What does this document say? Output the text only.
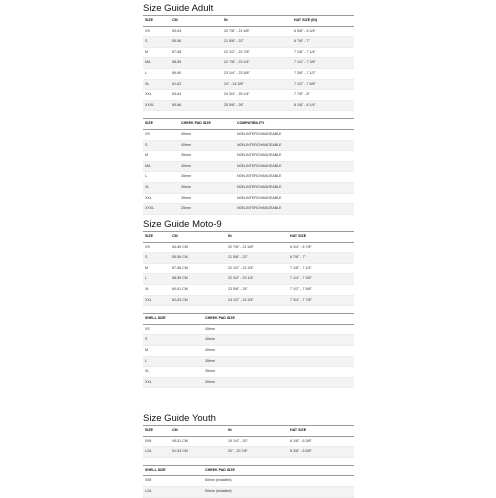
Size Guide Adult
SIZE	CM	IN	HAT SIZE (IN)
XS	53-54	20 7/8" - 21 5/8"	6 5/8" - 6 3/4"
S	55-56	21 5/8" - 22"	6 7/8" - 7"
M	57-58	22 1/2" - 22 7/8"	7 1/8" - 7 1/4"
M/L	58-59	22 7/8" - 23 1/4"	7 1/4" - 7 3/8"
L	59-60	23 1/4" - 23 5/8"	7 3/8" - 7 1/2"
XL	61-62	24" - 24 3/8"	7 1/2" - 7 5/8"
XXL	63-64	24 3/4" - 25 1/4"	7 7/8" - 8"
XXXL	65-66	25 5/8" - 26"	8 1/8" - 8 1/4"
SIZE	CHEEK PAD SIZE	COMPATIBILITY
XS	45mm	NON-INTERCHANGEABLE
S	40mm	NON-INTERCHANGEABLE
M	35mm	NON-INTERCHANGEABLE
M/L	40mm	NON-INTERCHANGEABLE
L	35mm	NON-INTERCHANGEABLE
XL	30mm	NON-INTERCHANGEABLE
XXL	35mm	NON-INTERCHANGEABLE
XXXL	25mm	NON-INTERCHANGEABLE
Size Guide Moto-9
SIZE	CM	IN	HAT SIZE
XS	54-55 CM	20 7/8" - 21 5/8"	6 3/4" - 6 7/8"
S	55-56 CM	21 5/8" - 22"	6 7/8" - 7"
M	57-58 CM	22 1/2" - 22 3/4"	7 1/8" - 7 1/4"
L	58-59 CM	22 3/4" - 23 1/4"	7 1/4" - 7 3/8"
XL	60-61 CM	23 5/8" - 24"	7 1/2" - 7 5/8"
XXL	62-63 CM	24 1/2" - 24 3/4"	7 3/4" - 7 7/8"
SHELL SIZE	CHEEK PAD SIZE
XS	45mm
S	40mm
M	40mm
L	35mm
XL	35mm
XXL	30mm
Size Guide Youth
SIZE	CM	IN	HAT SIZE
S/M	49-51 CM	19 1/4" - 20"	6 1/8" - 6 3/8"
L/XL	51-53 CM	20" - 20 7/8"	6 3/8" - 6 5/8"
SHELL SIZE	CHEEK PAD SIZE
S/M	60mm (installed)
L/XL	50mm (installed)
